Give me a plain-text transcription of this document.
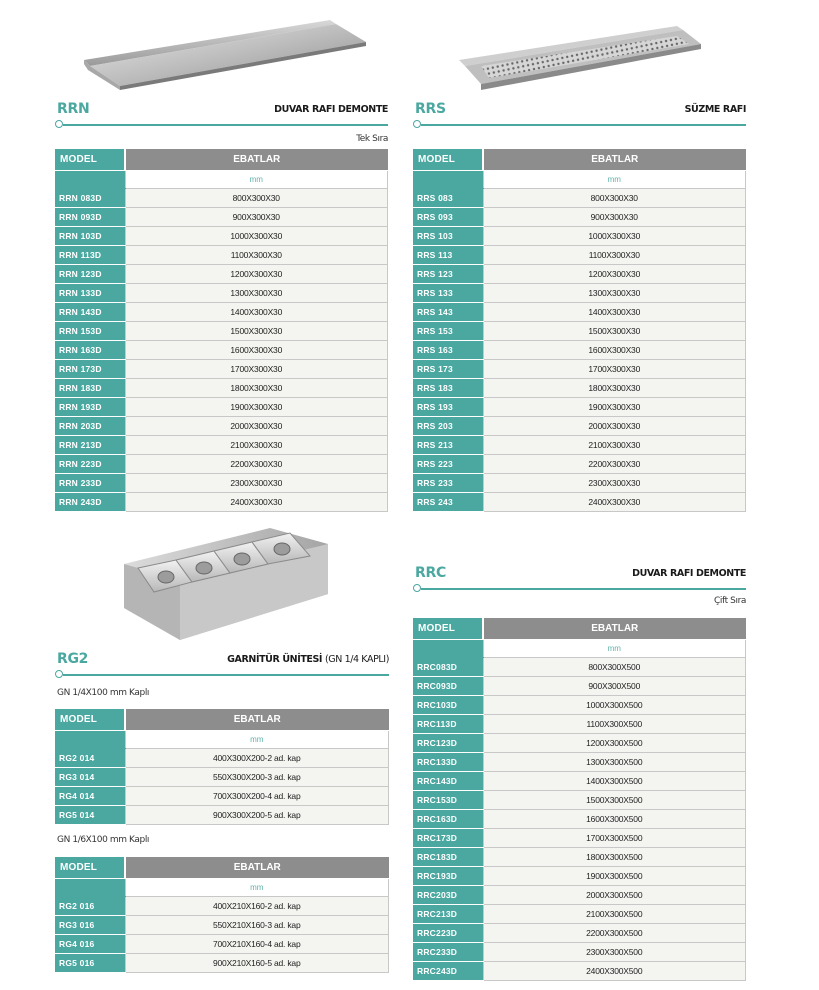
RRN	DUVAR RAFI DEMONTE
Tek Sıra
MODEL	EBATLAR
	mm
RRN 083D	800X300X30
RRN 093D	900X300X30
RRN 103D	1000X300X30
RRN 113D	1100X300X30
RRN 123D	1200X300X30
RRN 133D	1300X300X30
RRN 143D	1400X300X30
RRN 153D	1500X300X30
RRN 163D	1600X300X30
RRN 173D	1700X300X30
RRN 183D	1800X300X30
RRN 193D	1900X300X30
RRN 203D	2000X300X30
RRN 213D	2100X300X30
RRN 223D	2200X300X30
RRN 233D	2300X300X30
RRN 243D	2400X300X30
RRS	SÜZME RAFI
MODEL	EBATLAR
	mm
RRS 083	800X300X30
RRS 093	900X300X30
RRS 103	1000X300X30
RRS 113	1100X300X30
RRS 123	1200X300X30
RRS 133	1300X300X30
RRS 143	1400X300X30
RRS 153	1500X300X30
RRS 163	1600X300X30
RRS 173	1700X300X30
RRS 183	1800X300X30
RRS 193	1900X300X30
RRS 203	2000X300X30
RRS 213	2100X300X30
RRS 223	2200X300X30
RRS 233	2300X300X30
RRS 243	2400X300X30
RG2	GARNİTÜR ÜNİTESİ (GN 1/4 KAPLI)
GN 1/4X100 mm Kaplı
MODEL	EBATLAR
	mm
RG2 014	400X300X200-2 ad. kap
RG3 014	550X300X200-3 ad. kap
RG4 014	700X300X200-4 ad. kap
RG5 014	900X300X200-5 ad. kap
GN 1/6X100 mm Kaplı
MODEL	EBATLAR
	mm
RG2 016	400X210X160-2 ad. kap
RG3 016	550X210X160-3 ad. kap
RG4 016	700X210X160-4 ad. kap
RG5 016	900X210X160-5 ad. kap
RRC	DUVAR RAFI DEMONTE
Çift Sıra
MODEL	EBATLAR
	mm
RRC083D	800X300X500
RRC093D	900X300X500
RRC103D	1000X300X500
RRC113D	1100X300X500
RRC123D	1200X300X500
RRC133D	1300X300X500
RRC143D	1400X300X500
RRC153D	1500X300X500
RRC163D	1600X300X500
RRC173D	1700X300X500
RRC183D	1800X300X500
RRC193D	1900X300X500
RRC203D	2000X300X500
RRC213D	2100X300X500
RRC223D	2200X300X500
RRC233D	2300X300X500
RRC243D	2400X300X500
